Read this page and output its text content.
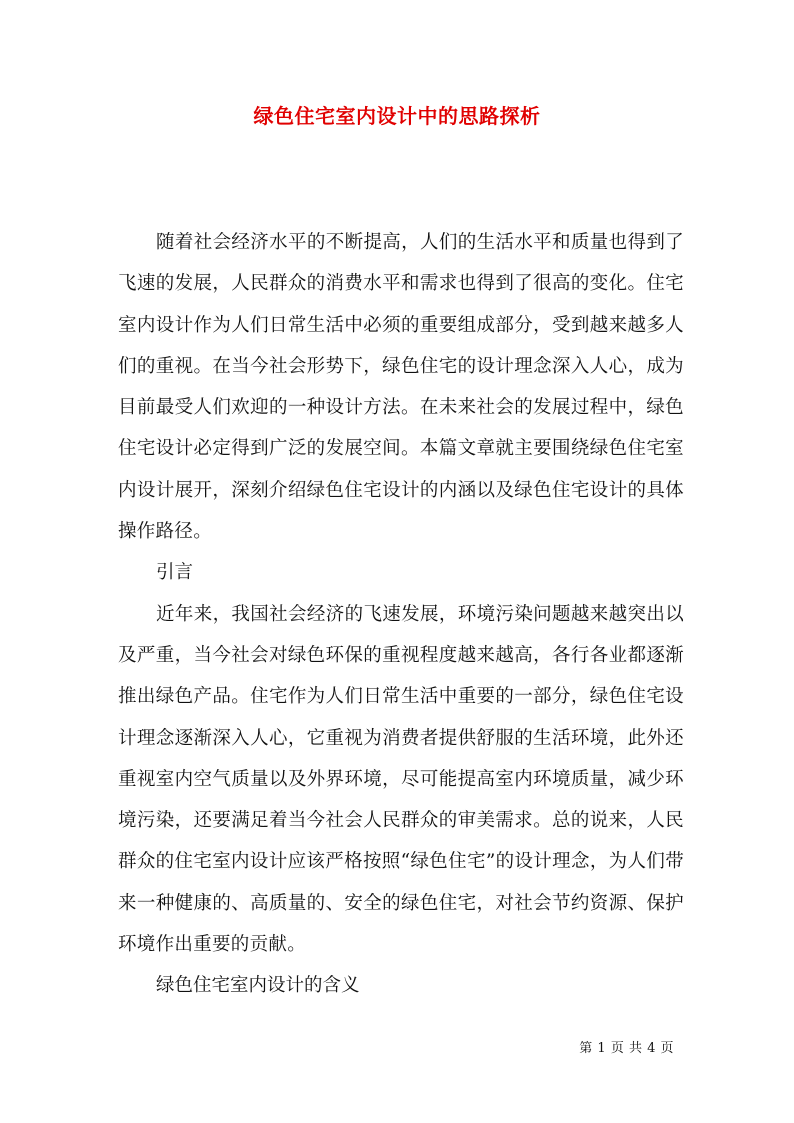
绿色住宅室内设计中的思路探析

随着社会经济水平的不断提高，人们的生活水平和质量也得到了飞速的发展，人民群众的消费水平和需求也得到了很高的变化。住宅室内设计作为人们日常生活中必须的重要组成部分，受到越来越多人们的重视。在当今社会形势下，绿色住宅的设计理念深入人心，成为目前最受人们欢迎的一种设计方法。在未来社会的发展过程中，绿色住宅设计必定得到广泛的发展空间。本篇文章就主要围绕绿色住宅室内设计展开，深刻介绍绿色住宅设计的内涵以及绿色住宅设计的具体操作路径。

引言

近年来，我国社会经济的飞速发展，环境污染问题越来越突出以及严重，当今社会对绿色环保的重视程度越来越高，各行各业都逐渐推出绿色产品。住宅作为人们日常生活中重要的一部分，绿色住宅设计理念逐渐深入人心，它重视为消费者提供舒服的生活环境，此外还重视室内空气质量以及外界环境，尽可能提高室内环境质量，减少环境污染，还要满足着当今社会人民群众的审美需求。总的说来，人民群众的住宅室内设计应该严格按照“绿色住宅”的设计理念，为人们带来一种健康的、高质量的、安全的绿色住宅，对社会节约资源、保护环境作出重要的贡献。

绿色住宅室内设计的含义

第 1 页 共 4 页
